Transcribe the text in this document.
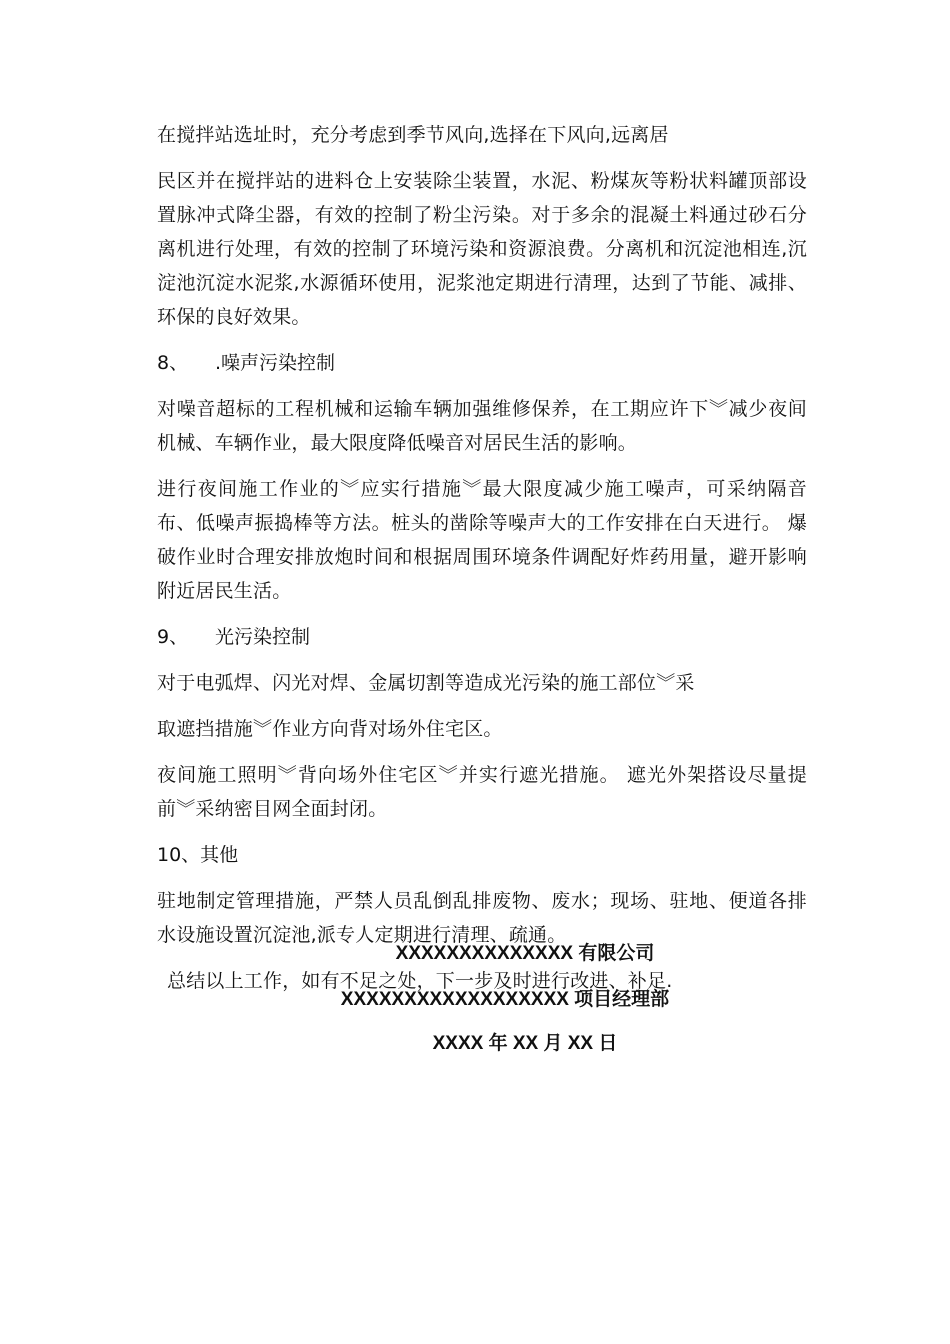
在搅拌站选址时，充分考虑到季节风向,选择在下风向,远离居

民区并在搅拌站的进料仓上安装除尘装置，水泥、粉煤灰等粉状料罐顶部设置脉冲式降尘器，有效的控制了粉尘污染。对于多余的混凝土料通过砂石分离机进行处理，有效的控制了环境污染和资源浪费。分离机和沉淀池相连,沉淀池沉淀水泥浆,水源循环使用，泥浆池定期进行清理，达到了节能、减排、环保的良好效果。

8、 .噪声污染控制

对噪音超标的工程机械和运输车辆加强维修保养，在工期应许下︾减少夜间机械、车辆作业，最大限度降低噪音对居民生活的影响。

进行夜间施工作业的︾应实行措施︾最大限度减少施工噪声，可采纳隔音布、低噪声振捣棒等方法。桩头的凿除等噪声大的工作安排在白天进行。 爆破作业时合理安排放炮时间和根据周围环境条件调配好炸药用量，避开影响附近居民生活。

9、 光污染控制

对于电弧焊、闪光对焊、金属切割等造成光污染的施工部位︾采

取遮挡措施︾作业方向背对场外住宅区。

夜间施工照明︾背向场外住宅区︾并实行遮光措施。 遮光外架搭设尽量提前︾采纳密目网全面封闭。

10、其他

驻地制定管理措施，严禁人员乱倒乱排废物、废水；现场、驻地、便道各排水设施设置沉淀池,派专人定期进行清理、疏通。

总结以上工作，如有不足之处，下一步及时进行改进、补足.

XXXXXXXXXXXXXX 有限公司

XXXXXXXXXXXXXXXXXX 项目经理部

XXXX 年 XX 月 XX 日
